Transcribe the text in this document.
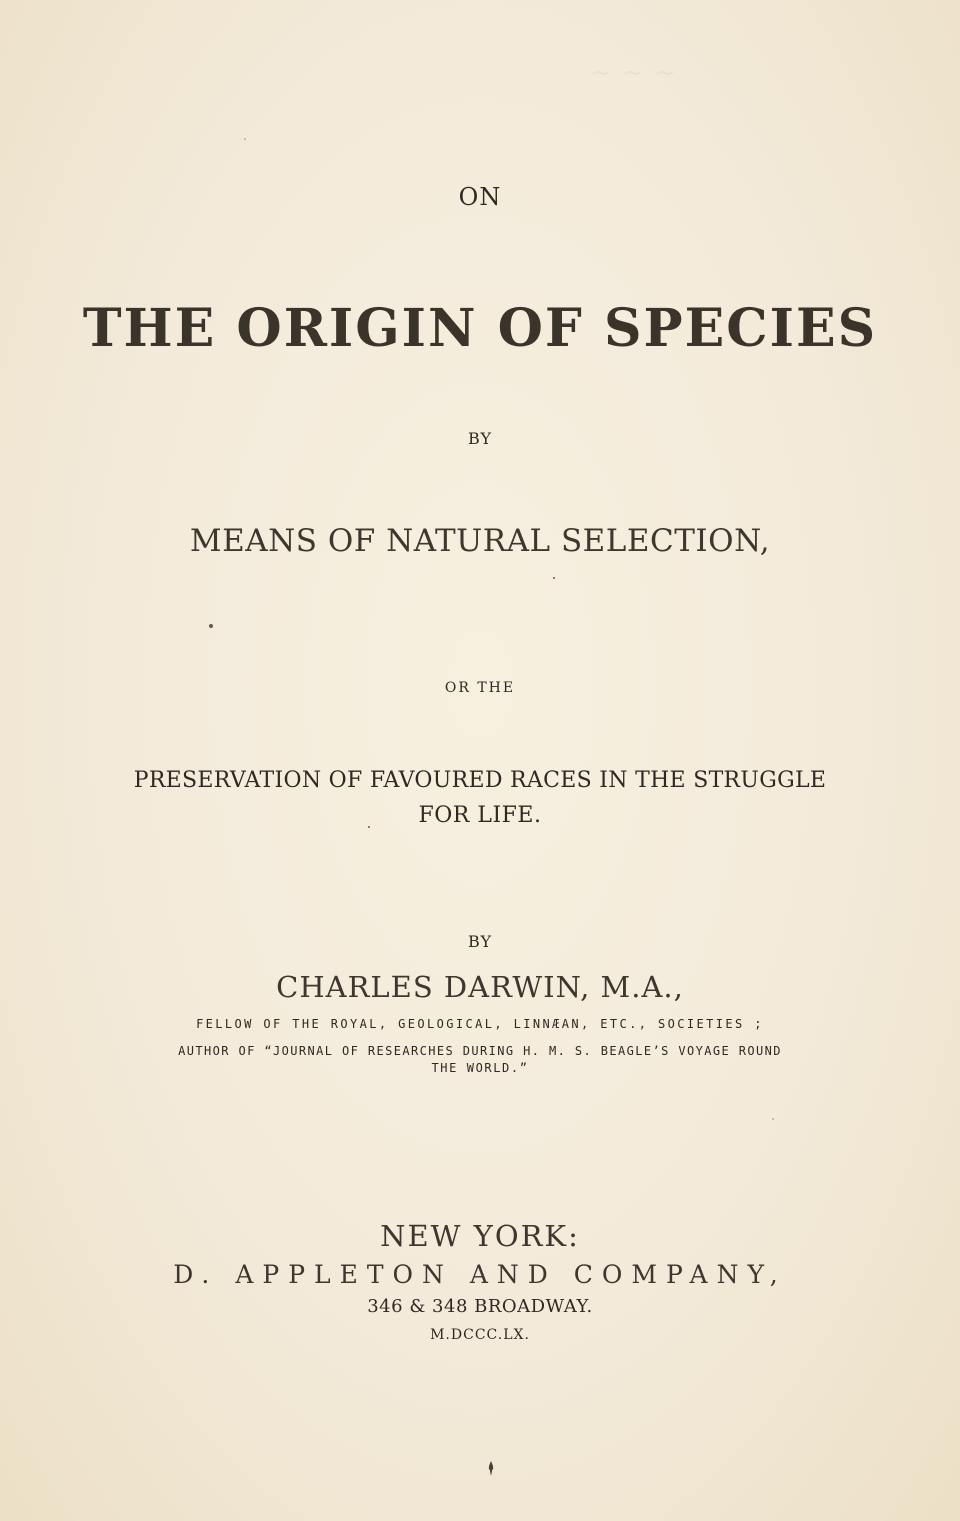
~ ~ ~
ON
THE ORIGIN OF SPECIES
BY
MEANS OF NATURAL SELECTION,
OR THE
PRESERVATION OF FAVOURED RACES IN THE STRUGGLE
FOR LIFE.
BY
CHARLES DARWIN, M.A.,
FELLOW OF THE ROYAL, GEOLOGICAL, LINNÆAN, ETC., SOCIETIES ;
AUTHOR OF “JOURNAL OF RESEARCHES DURING H. M. S. BEAGLE’S VOYAGE ROUND
THE WORLD.”
NEW YORK:
D. APPLETON AND COMPANY,
346 & 348 BROADWAY.
M.DCCC.LX.
